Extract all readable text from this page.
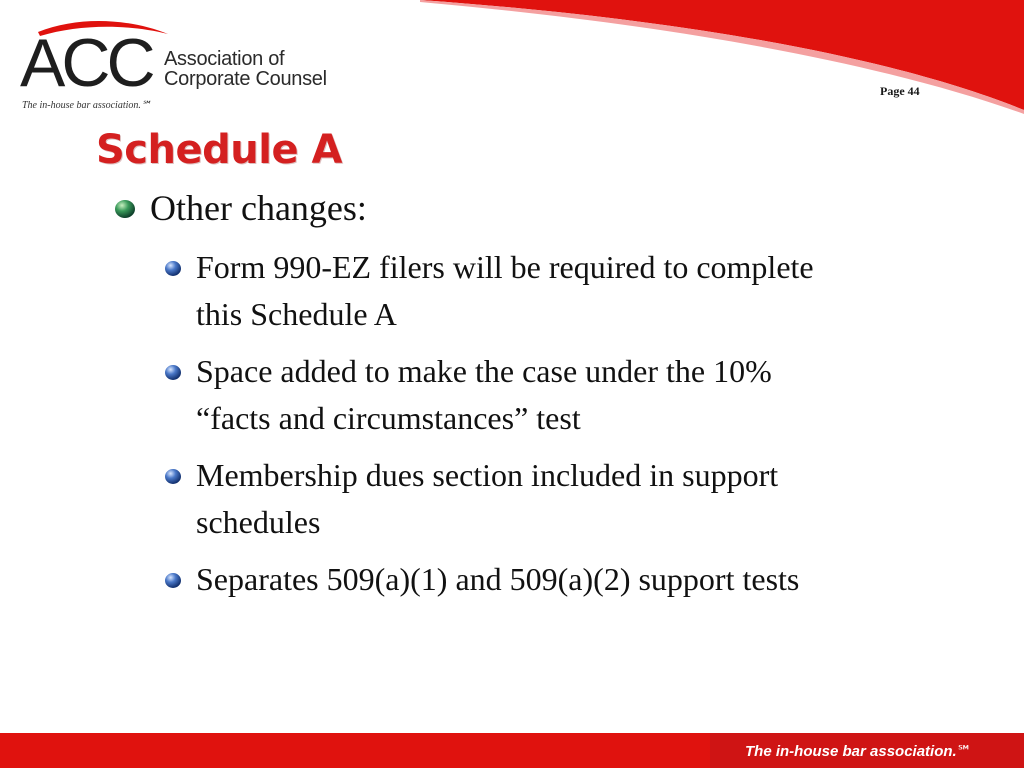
ACC Association of
Corporate Counsel
The in-house bar association.℠
Page 44
Schedule A
Other changes:
Form 990-EZ filers will be required to complete this Schedule A
Space added to make the case under the 10% “facts and circumstances” test
Membership dues section included in support schedules
Separates 509(a)(1) and 509(a)(2) support tests
The in-house bar association.℠
